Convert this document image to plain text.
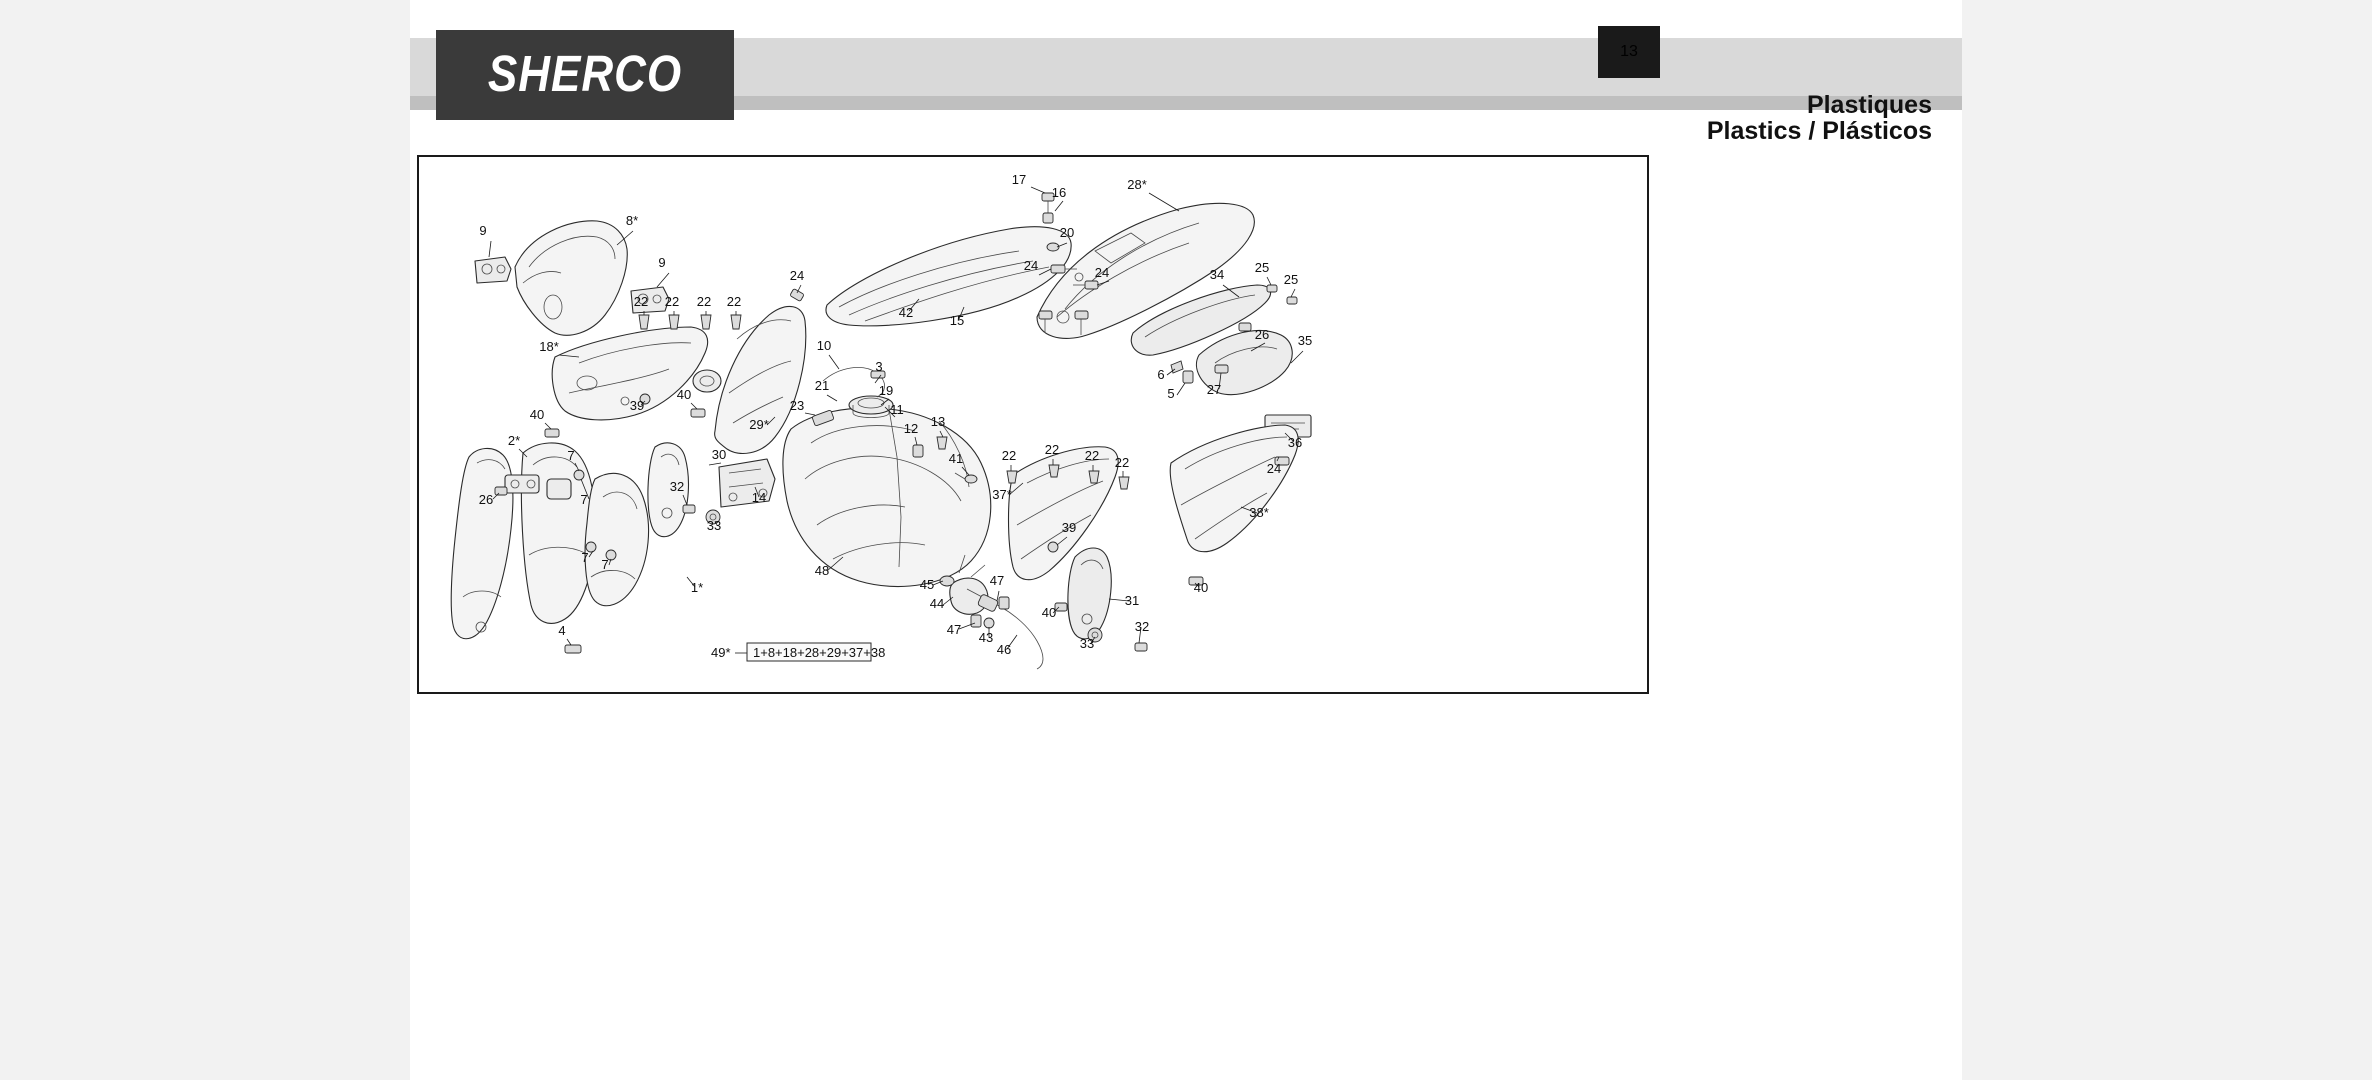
SHERCO	13
Plastiques
Plastics / Plásticos
17
16
28*
9
8*
20
9	24	24	34 25
25
22 22 22 22
24
42
15
26 35
18*	10
6
3
21	19
39
40
40
23	11
13
12
27
5
29*
36
2*
7	30	22 22 22 22
41
24
26
32
14	37*
7
33	39
38*
7 7	48
45	47
1*	40
44	31
40
32
47
43
46	33
4
49* 1+8+18+28+29+37+38
